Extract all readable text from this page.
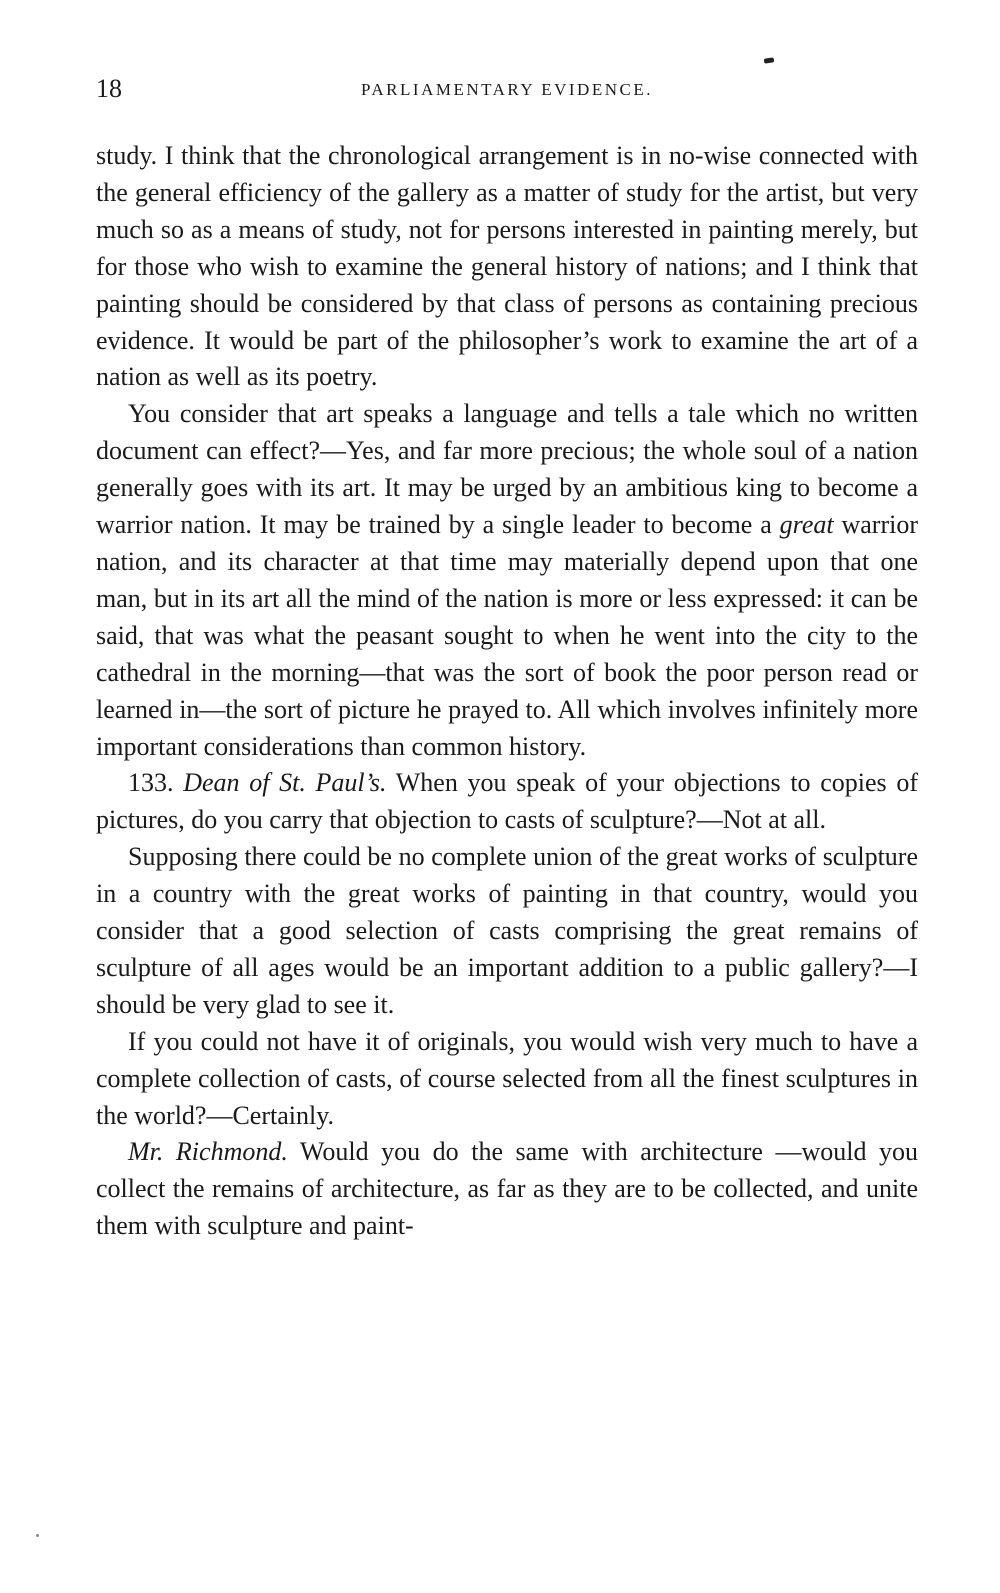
18	PARLIAMENTARY EVIDENCE.

study. I think that the chronological arrangement is in no-wise connected with the general efficiency of the gallery as a matter of study for the artist, but very much so as a means of study, not for persons interested in painting merely, but for those who wish to examine the general history of nations; and I think that painting should be considered by that class of persons as containing precious evidence. It would be part of the philosopher’s work to examine the art of a nation as well as its poetry.

You consider that art speaks a language and tells a tale which no written document can effect?—Yes, and far more precious; the whole soul of a nation generally goes with its art. It may be urged by an ambitious king to become a warrior nation. It may be trained by a single leader to become a great warrior nation, and its character at that time may materially depend upon that one man, but in its art all the mind of the nation is more or less expressed: it can be said, that was what the peasant sought to when he went into the city to the cathedral in the morning—that was the sort of book the poor person read or learned in—the sort of picture he prayed to. All which involves infinitely more important considerations than common history.

133. Dean of St. Paul’s. When you speak of your objections to copies of pictures, do you carry that objection to casts of sculpture?—Not at all.

Supposing there could be no complete union of the great works of sculpture in a country with the great works of painting in that country, would you consider that a good selection of casts comprising the great remains of sculpture of all ages would be an important addition to a public gallery?—I should be very glad to see it.

If you could not have it of originals, you would wish very much to have a complete collection of casts, of course selected from all the finest sculptures in the world?—Certainly.

Mr. Richmond. Would you do the same with architecture —would you collect the remains of architecture, as far as they are to be collected, and unite them with sculpture and paint-
